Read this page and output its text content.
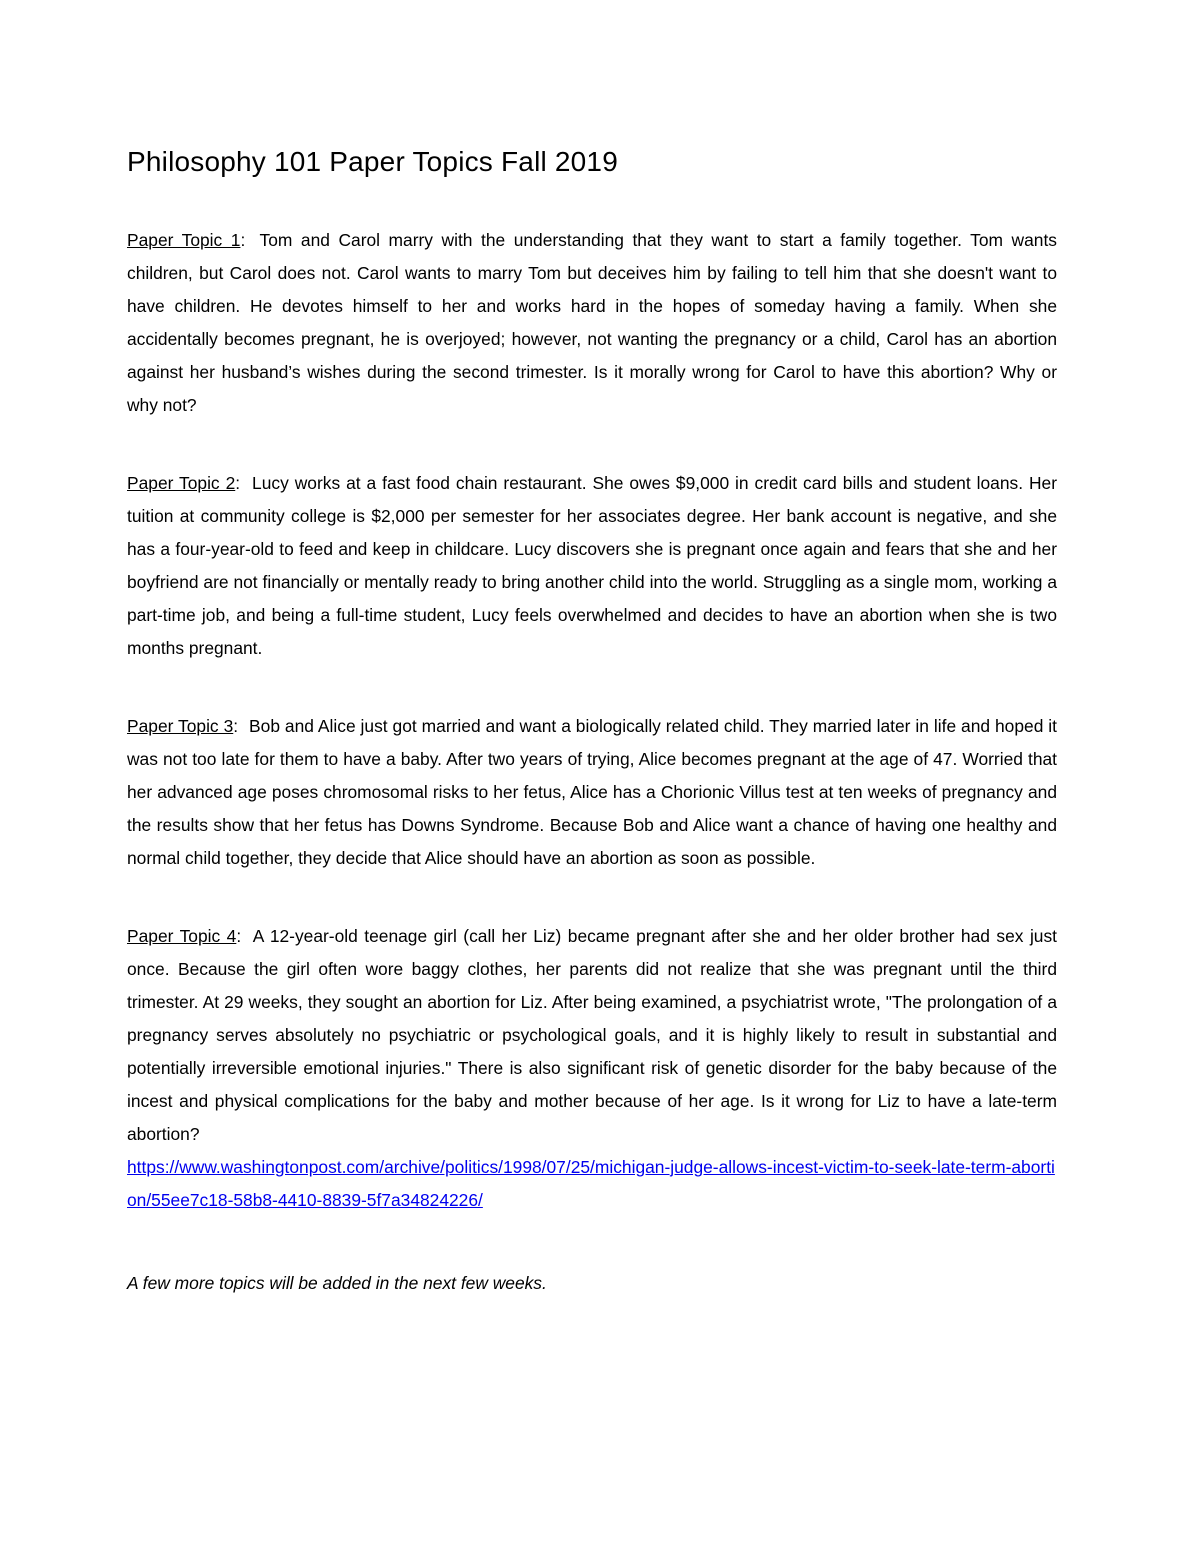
Philosophy 101 Paper Topics Fall 2019

Paper Topic 1: Tom and Carol marry with the understanding that they want to start a family together. Tom wants children, but Carol does not. Carol wants to marry Tom but deceives him by failing to tell him that she doesn't want to have children. He devotes himself to her and works hard in the hopes of someday having a family. When she accidentally becomes pregnant, he is overjoyed; however, not wanting the pregnancy or a child, Carol has an abortion against her husband’s wishes during the second trimester. Is it morally wrong for Carol to have this abortion? Why or why not?

Paper Topic 2: Lucy works at a fast food chain restaurant. She owes $9,000 in credit card bills and student loans. Her tuition at community college is $2,000 per semester for her associates degree. Her bank account is negative, and she has a four-year-old to feed and keep in childcare. Lucy discovers she is pregnant once again and fears that she and her boyfriend are not financially or mentally ready to bring another child into the world. Struggling as a single mom, working a part-time job, and being a full-time student, Lucy feels overwhelmed and decides to have an abortion when she is two months pregnant.

Paper Topic 3: Bob and Alice just got married and want a biologically related child. They married later in life and hoped it was not too late for them to have a baby. After two years of trying, Alice becomes pregnant at the age of 47. Worried that her advanced age poses chromosomal risks to her fetus, Alice has a Chorionic Villus test at ten weeks of pregnancy and the results show that her fetus has Downs Syndrome. Because Bob and Alice want a chance of having one healthy and normal child together, they decide that Alice should have an abortion as soon as possible.

Paper Topic 4: A 12-year-old teenage girl (call her Liz) became pregnant after she and her older brother had sex just once. Because the girl often wore baggy clothes, her parents did not realize that she was pregnant until the third trimester. At 29 weeks, they sought an abortion for Liz. After being examined, a psychiatrist wrote, "The prolongation of a pregnancy serves absolutely no psychiatric or psychological goals, and it is highly likely to result in substantial and potentially irreversible emotional injuries." There is also significant risk of genetic disorder for the baby because of the incest and physical complications for the baby and mother because of her age. Is it wrong for Liz to have a late-term abortion?

https://www.washingtonpost.com/archive/politics/1998/07/25/michigan-judge-allows-incest-victim-to-seek-late-term-abortion/55ee7c18-58b8-4410-8839-5f7a34824226/

A few more topics will be added in the next few weeks.
